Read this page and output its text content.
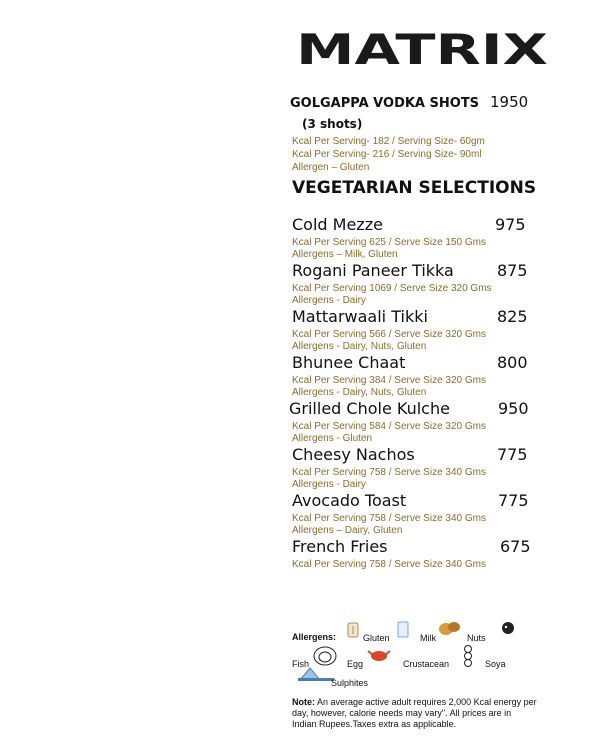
MATRIX
GOLGAPPA VODKA SHOTS 1950
(3 shots)
Kcal Per Serving- 182 / Serving Size- 60gm
Kcal Per Serving- 216 / Serving Size- 90ml
Allergen – Gluten
VEGETARIAN SELECTIONS
Cold Mezze	975
Kcal Per Serving 625 / Serve Size 150 Gms
Allergens – Milk, Gluten
Rogani Paneer Tikka	875
Kcal Per Serving 1069 / Serve Size 320 Gms
Allergens - Dairy
Mattarwaali Tikki	825
Kcal Per Serving 566 / Serve Size 320 Gms
Allergens - Dairy, Nuts, Gluten
Bhunee Chaat	800
Kcal Per Serving 384 / Serve Size 320 Gms
Allergens - Dairy, Nuts, Gluten
Grilled Chole Kulche	950
Kcal Per Serving 584 / Serve Size 320 Gms
Allergens - Gluten
Cheesy Nachos	775
Kcal Per Serving 758 / Serve Size 340 Gms
Allergens - Dairy
Avocado Toast	775
Kcal Per Serving 758 / Serve Size 340 Gms
Allergens – Dairy, Gluten
French Fries	675
Kcal Per Serving 758 / Serve Size 340 Gms
Allergens:	Gluten	Milk	Nuts
Fish	Egg	Crustacean	Soya
Sulphites
Note: An average active adult requires 2,000 Kcal energy per day, however, calorie needs may vary". All prices are in Indian Rupees.Taxes extra as applicable.
